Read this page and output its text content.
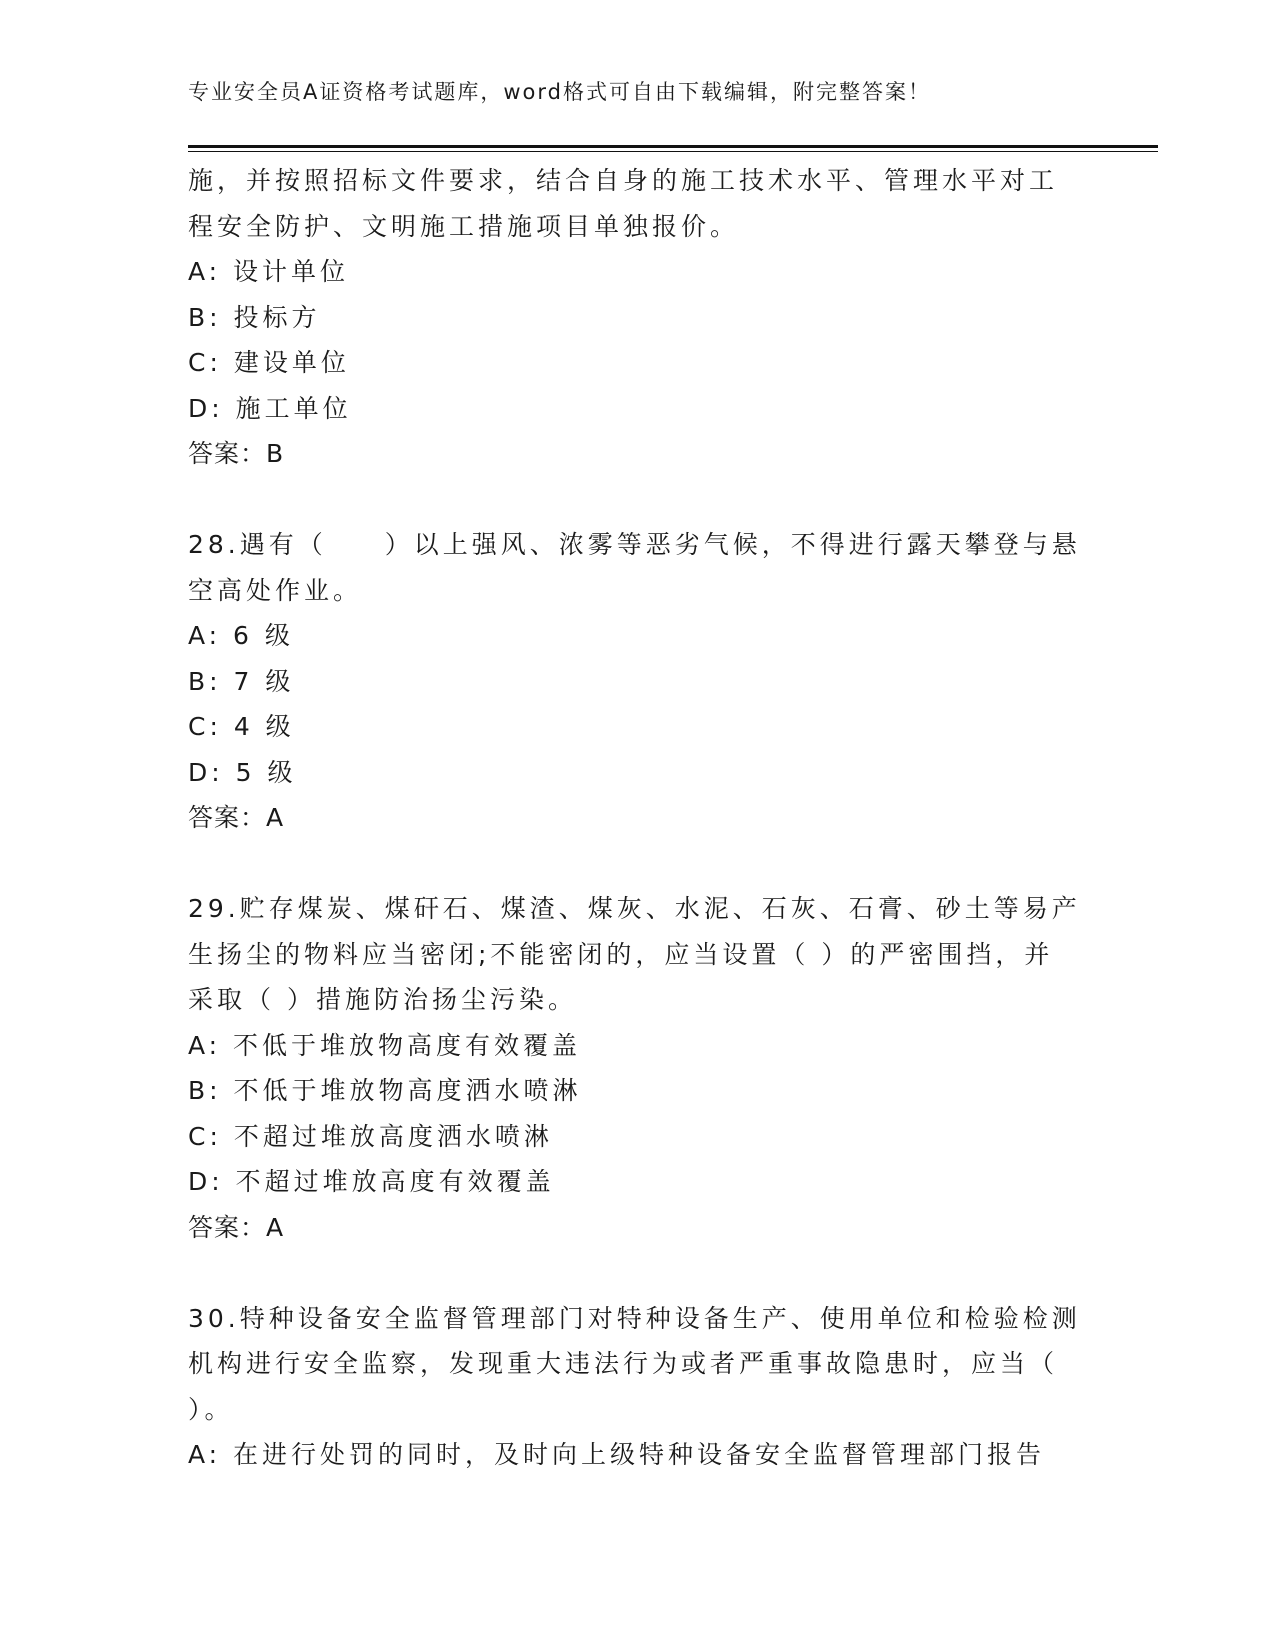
专业安全员A证资格考试题库，word格式可自由下载编辑，附完整答案！
施，并按照招标文件要求，结合自身的施工技术水平、管理水平对工
程安全防护、文明施工措施项目单独报价。
A: 设计单位
B: 投标方
C: 建设单位
D: 施工单位
答案：B
28.遇有（　　）以上强风、浓雾等恶劣气候，不得进行露天攀登与悬
空高处作业。
A: 6 级
B: 7 级
C: 4 级
D: 5 级
答案：A
29.贮存煤炭、煤矸石、煤渣、煤灰、水泥、石灰、石膏、砂土等易产
生扬尘的物料应当密闭;不能密闭的，应当设置（ ）的严密围挡，并
采取（ ）措施防治扬尘污染。
A: 不低于堆放物高度有效覆盖
B: 不低于堆放物高度洒水喷淋
C: 不超过堆放高度洒水喷淋
D: 不超过堆放高度有效覆盖
答案：A
30.特种设备安全监督管理部门对特种设备生产、使用单位和检验检测
机构进行安全监察，发现重大违法行为或者严重事故隐患时，应当（
）。
A: 在进行处罚的同时，及时向上级特种设备安全监督管理部门报告
